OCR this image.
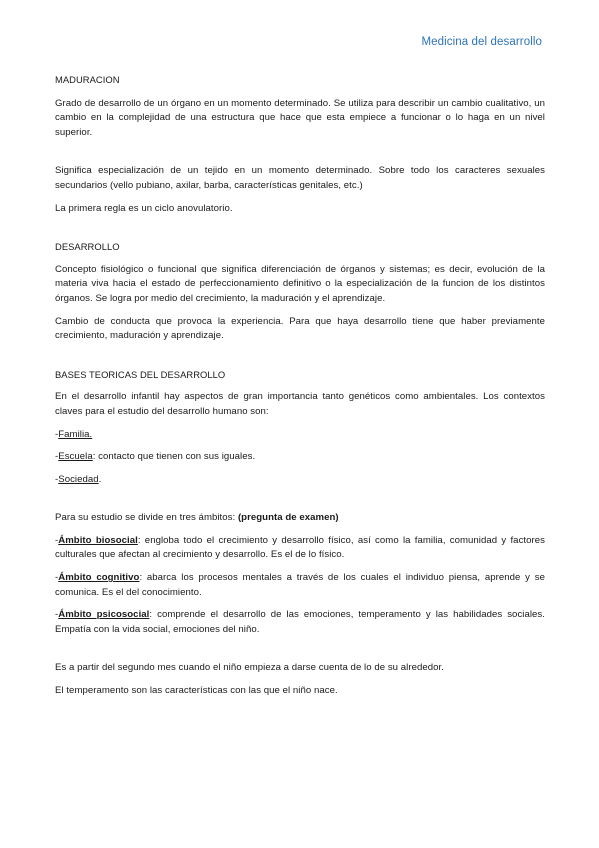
Medicina del desarrollo

MADURACION

Grado de desarrollo de un órgano en un momento determinado. Se utiliza para describir un cambio cualitativo, un cambio en la complejidad de una estructura que hace que esta empiece a funcionar o lo haga en un nivel superior.

Significa especialización de un tejido en un momento determinado. Sobre todo los caracteres sexuales secundarios (vello pubiano, axilar, barba, características genitales, etc.)

La primera regla es un ciclo anovulatorio.

DESARROLLO

Concepto fisiológico o funcional que significa diferenciación de órganos y sistemas; es decir, evolución de la materia viva hacia el estado de perfeccionamiento definitivo o la especialización de la funcion de los distintos órganos. Se logra por medio del crecimiento, la maduración y el aprendizaje.

Cambio de conducta que provoca la experiencia. Para que haya desarrollo tiene que haber previamente crecimiento, maduración y aprendizaje.

BASES TEORICAS DEL DESARROLLO

En el desarrollo infantil hay aspectos de gran importancia tanto genéticos como ambientales. Los contextos claves para el estudio del desarrollo humano son:

-Familia.

-Escuela: contacto que tienen con sus iguales.

-Sociedad.

Para su estudio se divide en tres ámbitos: (pregunta de examen)

-Ámbito biosocial: engloba todo el crecimiento y desarrollo físico, así como la familia, comunidad y factores culturales que afectan al crecimiento y desarrollo. Es el de lo físico.

-Ámbito cognitivo: abarca los procesos mentales a través de los cuales el individuo piensa, aprende y se comunica. Es el del conocimiento.

-Ámbito psicosocial: comprende el desarrollo de las emociones, temperamento y las habilidades sociales. Empatía con la vida social, emociones del niño.

Es a partir del segundo mes cuando el niño empieza a darse cuenta de lo de su alrededor.

El temperamento son las características con las que el niño nace.
